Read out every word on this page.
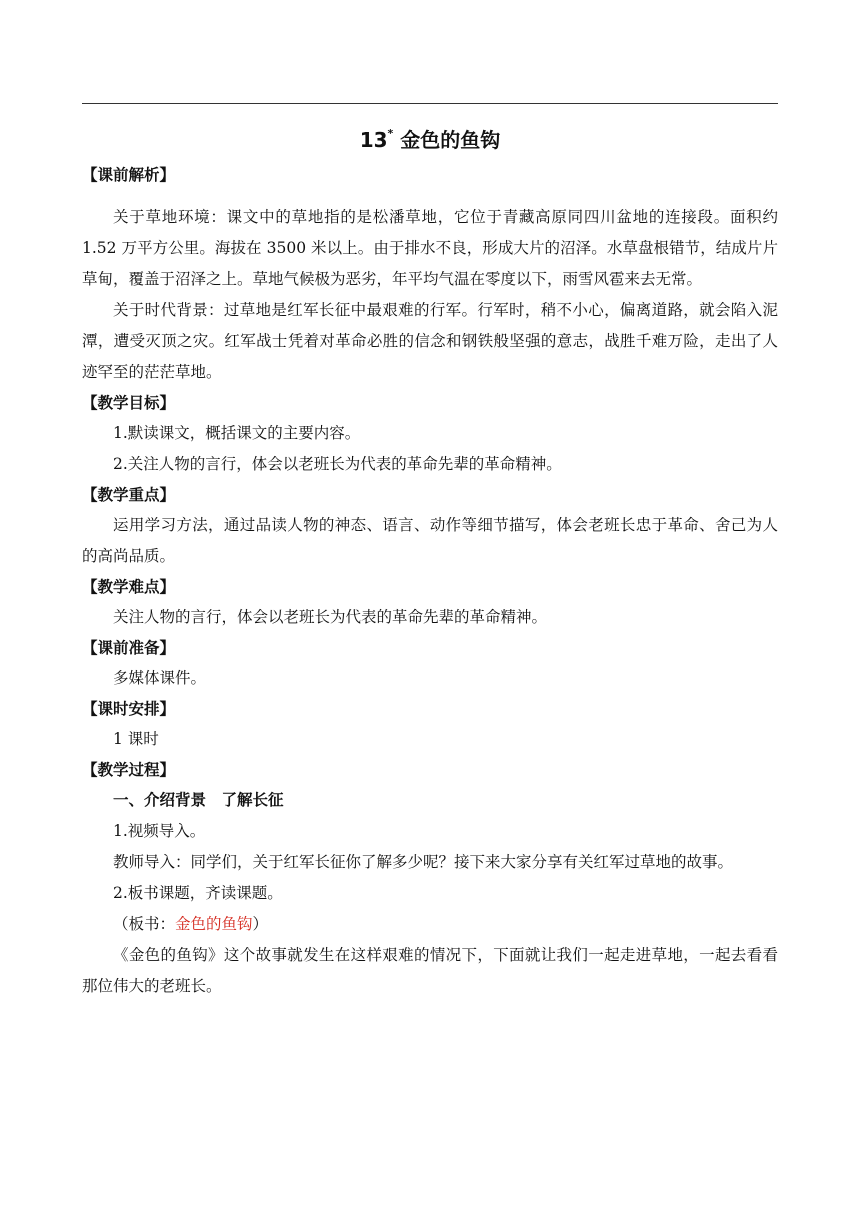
13* 金色的鱼钩
【课前解析】
关于草地环境：课文中的草地指的是松潘草地，它位于青藏高原同四川盆地的连接段。面积约 1.52 万平方公里。海拔在 3500 米以上。由于排水不良，形成大片的沼泽。水草盘根错节，结成片片草甸，覆盖于沼泽之上。草地气候极为恶劣，年平均气温在零度以下，雨雪风雹来去无常。
关于时代背景：过草地是红军长征中最艰难的行军。行军时，稍不小心，偏离道路，就会陷入泥潭，遭受灭顶之灾。红军战士凭着对革命必胜的信念和钢铁般坚强的意志，战胜千难万险，走出了人迹罕至的茫茫草地。
【教学目标】
1.默读课文，概括课文的主要内容。
2.关注人物的言行，体会以老班长为代表的革命先辈的革命精神。
【教学重点】
运用学习方法，通过品读人物的神态、语言、动作等细节描写，体会老班长忠于革命、舍己为人的高尚品质。
【教学难点】
关注人物的言行，体会以老班长为代表的革命先辈的革命精神。
【课前准备】
多媒体课件。
【课时安排】
1 课时
【教学过程】
一、介绍背景　了解长征
1.视频导入。
教师导入：同学们，关于红军长征你了解多少呢？接下来大家分享有关红军过草地的故事。
2.板书课题，齐读课题。
（板书：金色的鱼钩）
《金色的鱼钩》这个故事就发生在这样艰难的情况下，下面就让我们一起走进草地，一起去看看那位伟大的老班长。
